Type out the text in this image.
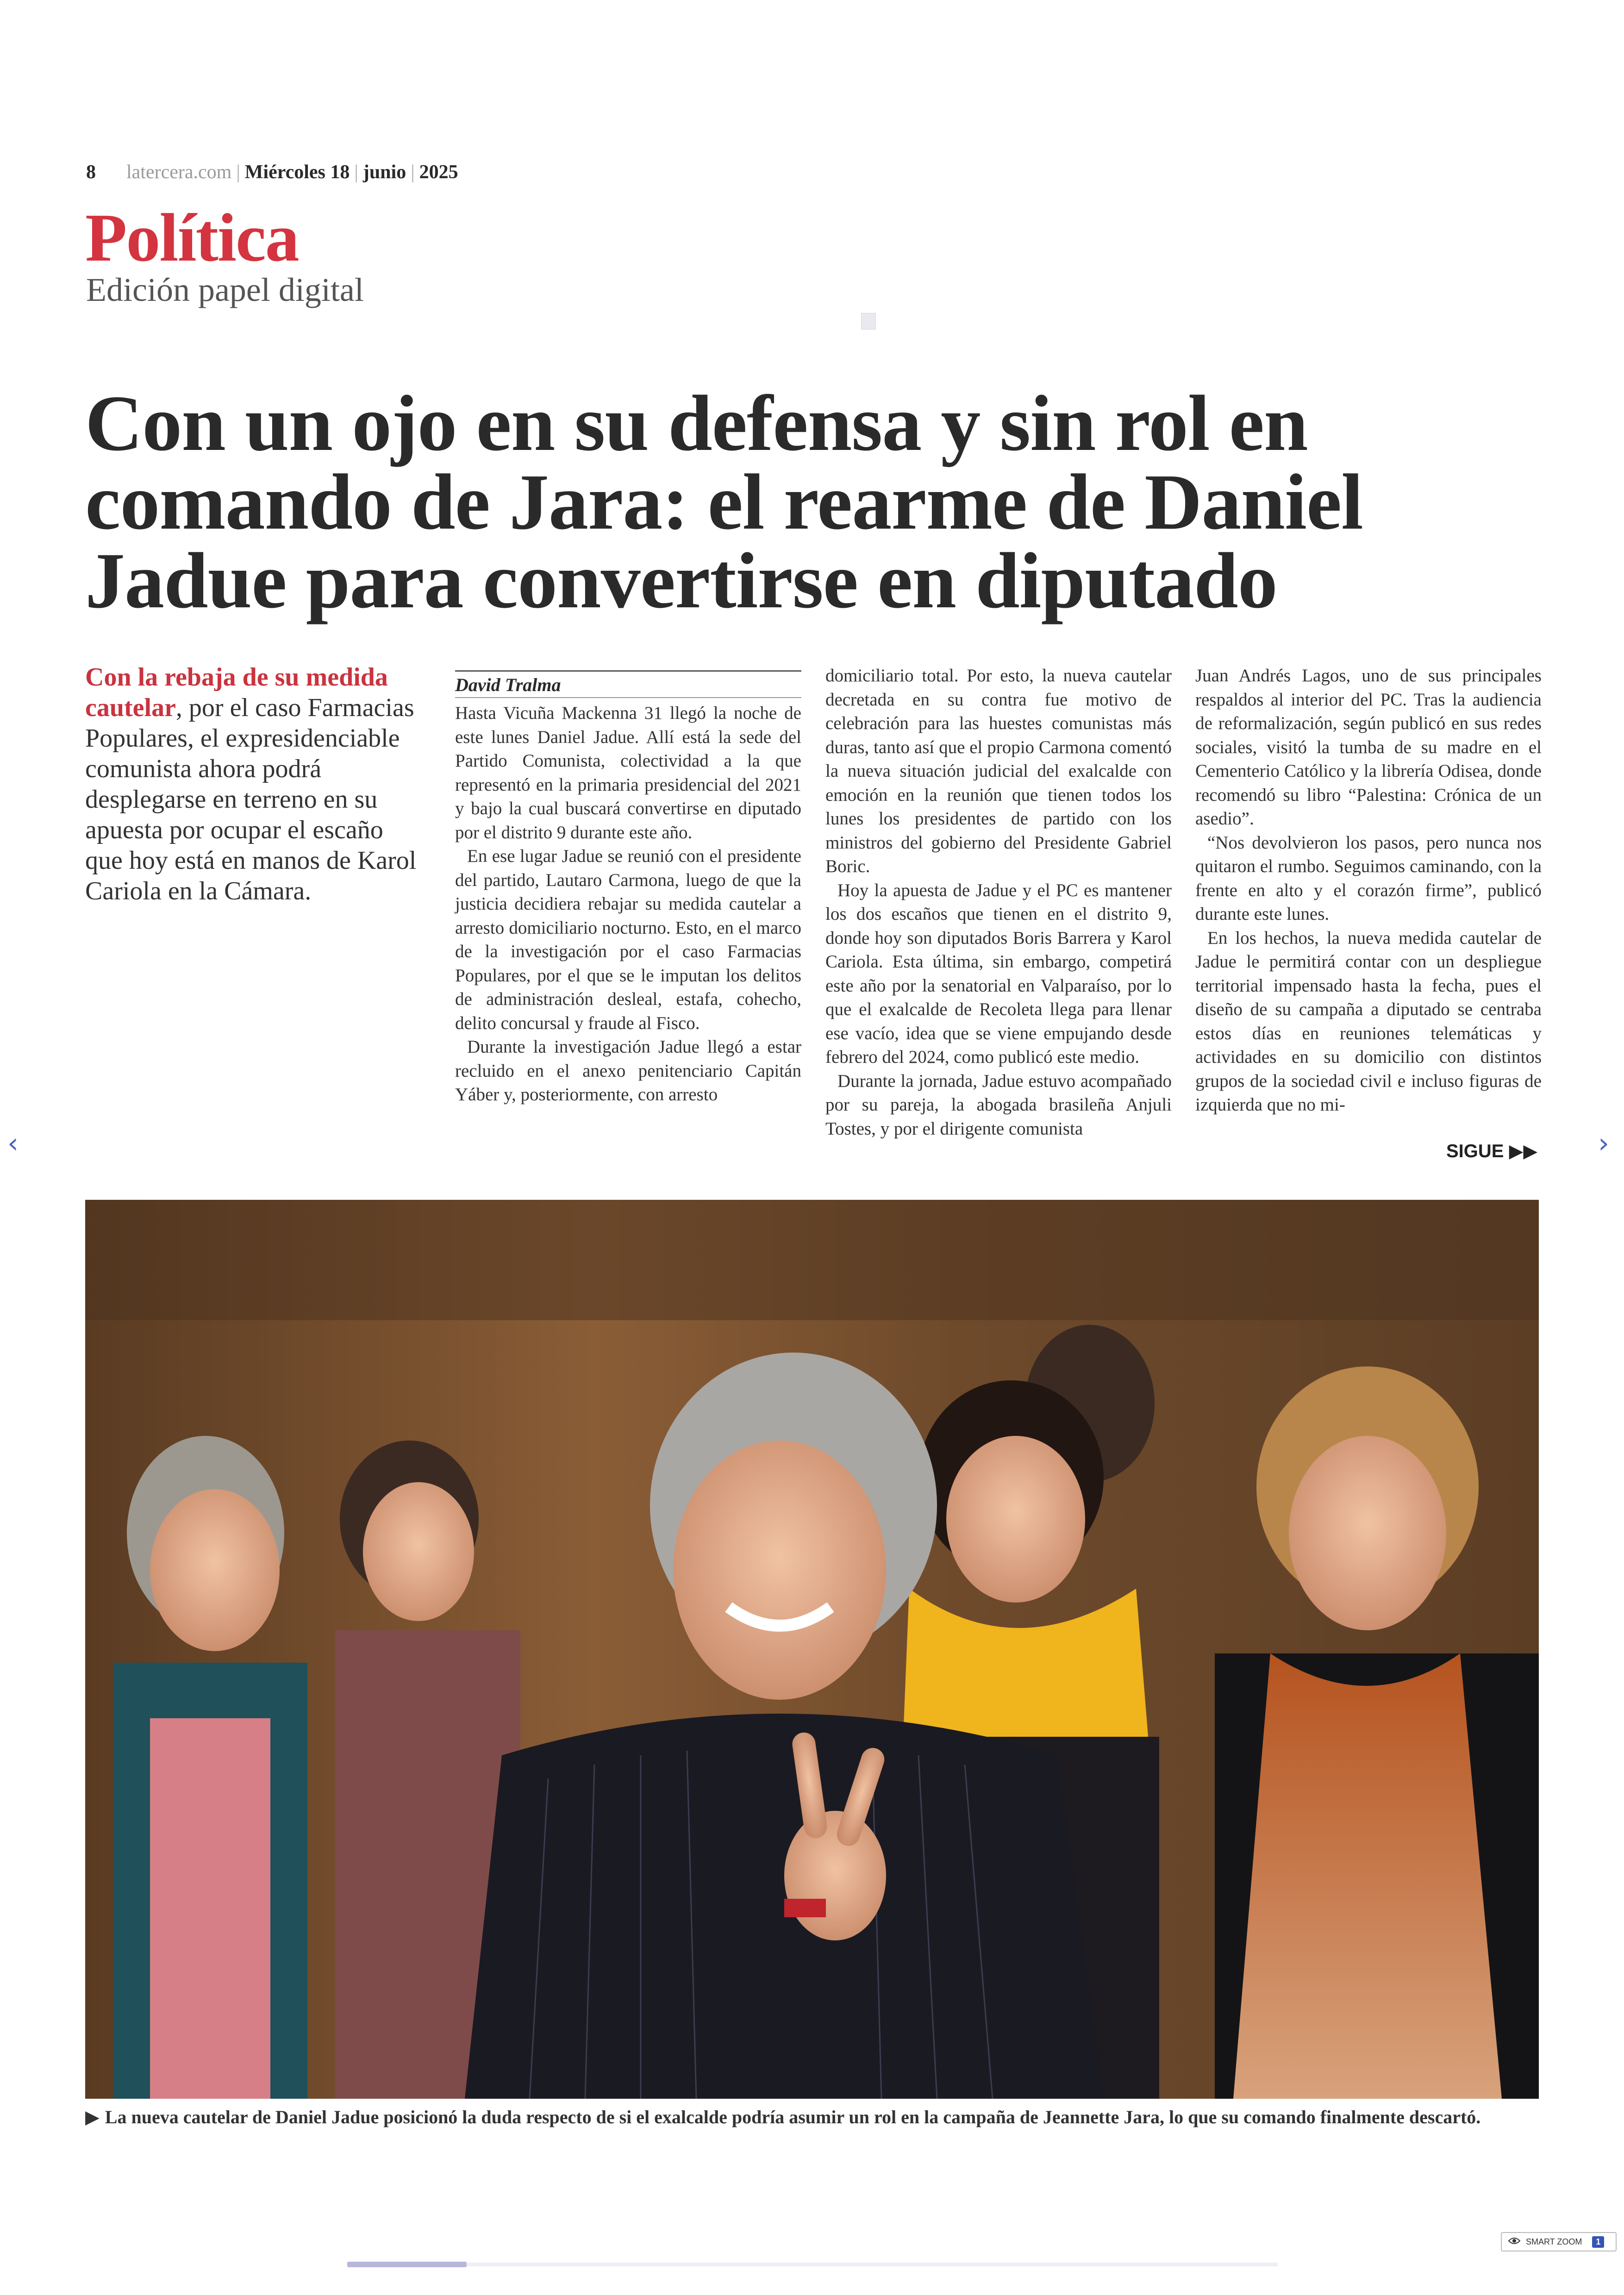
8 latercera.com | Miércoles 18 | junio | 2025
Política
Edición papel digital
Con un ojo en su defensa y sin rol en comando de Jara: el rearme de Daniel Jadue para convertirse en diputado
Con la rebaja de su medida cautelar, por el caso Farmacias Populares, el expresidenciable comunista ahora podrá desplegarse en terreno en su apuesta por ocupar el escaño que hoy está en manos de Karol Cariola en la Cámara.
David Tralma

Hasta Vicuña Mackenna 31 llegó la noche de este lunes Daniel Jadue. Allí está la sede del Partido Comunista, colectividad a la que representó en la primaria presidencial del 2021 y bajo la cual buscará convertirse en diputado por el distrito 9 durante este año.

En ese lugar Jadue se reunió con el presidente del partido, Lautaro Carmona, luego de que la justicia decidiera rebajar su medida cautelar a arresto domiciliario nocturno. Esto, en el marco de la investigación por el caso Farmacias Populares, por el que se le imputan los delitos de administración desleal, estafa, cohecho, delito concursal y fraude al Fisco.

Durante la investigación Jadue llegó a estar recluido en el anexo penitenciario Capitán Yáber y, posteriormente, con arresto

domiciliario total. Por esto, la nueva cautelar decretada en su contra fue motivo de celebración para las huestes comunistas más duras, tanto así que el propio Carmona comentó la nueva situación judicial del exalcalde con emoción en la reunión que tienen todos los lunes los presidentes de partido con los ministros del gobierno del Presidente Gabriel Boric.

Hoy la apuesta de Jadue y el PC es mantener los dos escaños que tienen en el distrito 9, donde hoy son diputados Boris Barrera y Karol Cariola. Esta última, sin embargo, competirá este año por la senatorial en Valparaíso, por lo que el exalcalde de Recoleta llega para llenar ese vacío, idea que se viene empujando desde febrero del 2024, como publicó este medio.

Durante la jornada, Jadue estuvo acompañado por su pareja, la abogada brasileña Anjuli Tostes, y por el dirigente comunista

Juan Andrés Lagos, uno de sus principales respaldos al interior del PC. Tras la audiencia de reformalización, según publicó en sus redes sociales, visitó la tumba de su madre en el Cementerio Católico y la librería Odisea, donde recomendó su libro “Palestina: Crónica de un asedio”.

“Nos devolvieron los pasos, pero nunca nos quitaron el rumbo. Seguimos caminando, con la frente en alto y el corazón firme”, publicó durante este lunes.

En los hechos, la nueva medida cautelar de Jadue le permitirá contar con un despliegue territorial impensado hasta la fecha, pues el diseño de su campaña a diputado se centraba estos días en reuniones telemáticas y actividades en su domicilio con distintos grupos de la sociedad civil e incluso figuras de izquierda que no mi-

SIGUE ▶▶
‹	›
▶ La nueva cautelar de Daniel Jadue posicionó la duda respecto de si el exalcalde podría asumir un rol en la campaña de Jeannette Jara, lo que su comando finalmente descartó.
SMART ZOOM	1
